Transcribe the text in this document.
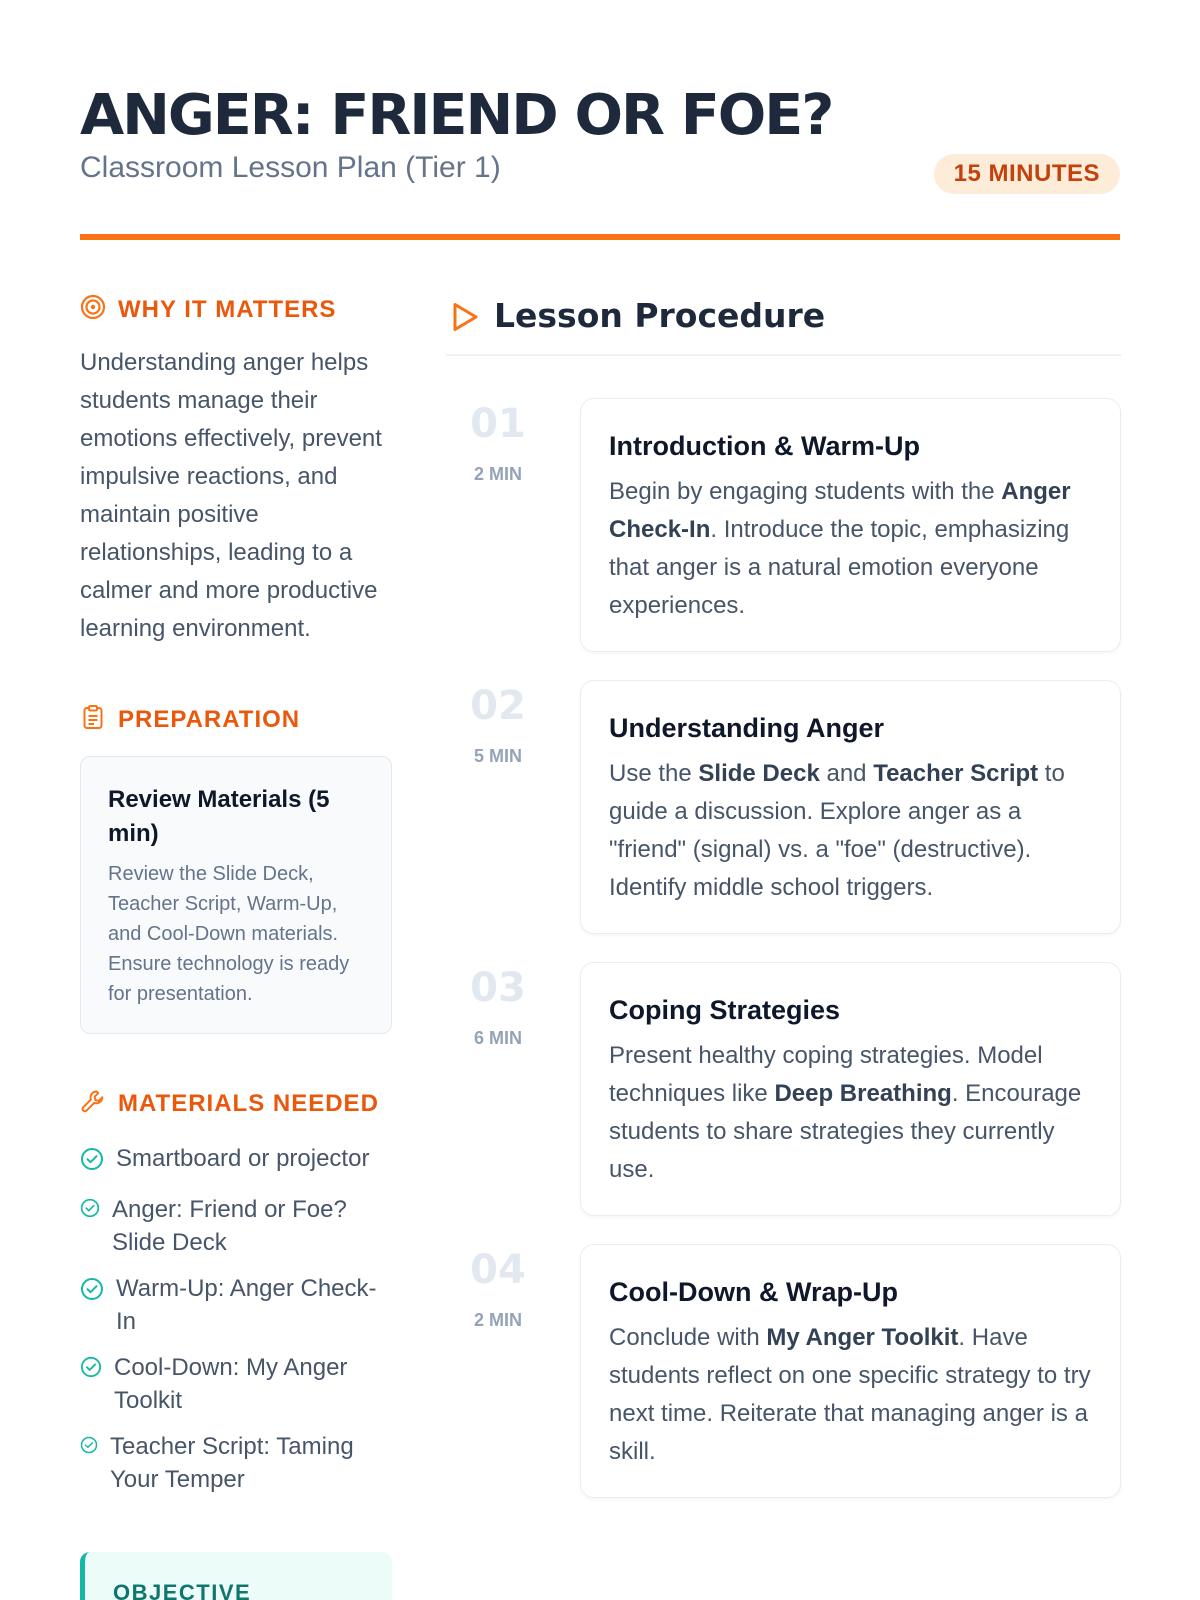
ANGER: FRIEND OR FOE?
Classroom Lesson Plan (Tier 1)	15 MINUTES
WHY IT MATTERS

Understanding anger helps students manage their emotions effectively, prevent impulsive reactions, and maintain positive relationships, leading to a calmer and more productive learning environment.

PREPARATION
Review Materials (5 min)
Review the Slide Deck, Teacher Script, Warm-Up, and Cool-Down materials. Ensure technology is ready for presentation.
MATERIALS NEEDED
Smartboard or projector
Anger: Friend or Foe? Slide Deck
Warm-Up: Anger Check-In
Cool-Down: My Anger Toolkit
Teacher Script: Taming Your Temper
OBJECTIVE
Lesson Procedure
01
2 MIN
Introduction & Warm-Up

Begin by engaging students with the Anger Check-In. Introduce the topic, emphasizing that anger is a natural emotion everyone experiences.

02
5 MIN
Understanding Anger

Use the Slide Deck and Teacher Script to guide a discussion. Explore anger as a "friend" (signal) vs. a "foe" (destructive). Identify middle school triggers.

03
6 MIN
Coping Strategies

Present healthy coping strategies. Model techniques like Deep Breathing. Encourage students to share strategies they currently use.

04
2 MIN
Cool-Down & Wrap-Up

Conclude with My Anger Toolkit. Have students reflect on one specific strategy to try next time. Reiterate that managing anger is a skill.
